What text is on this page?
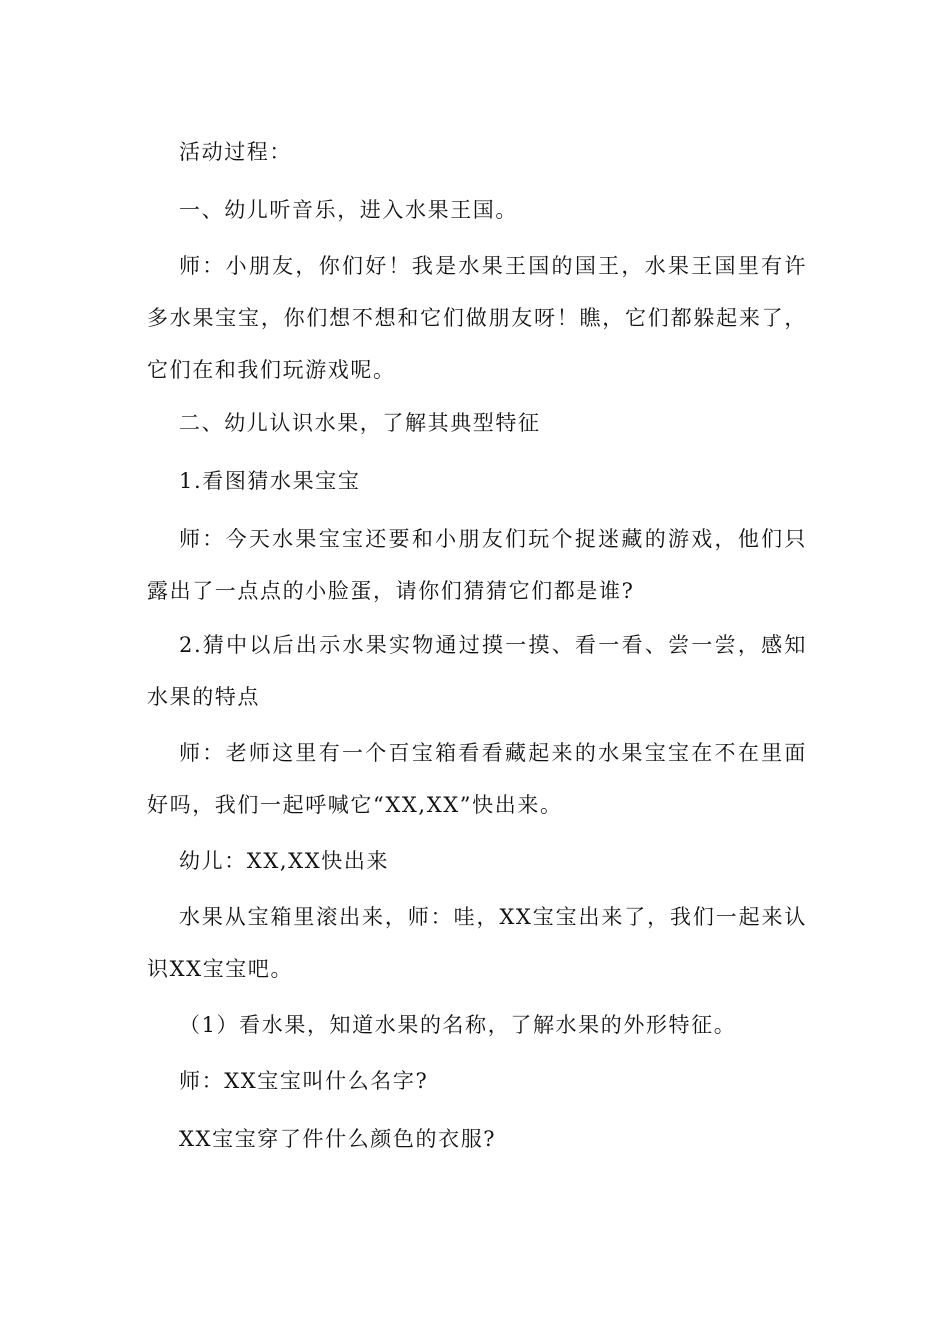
活动过程：

一、幼儿听音乐，进入水果王国。

师：小朋友，你们好！我是水果王国的国王，水果王国里有许多水果宝宝，你们想不想和它们做朋友呀！瞧，它们都躲起来了，它们在和我们玩游戏呢。

二、幼儿认识水果，了解其典型特征

1.看图猜水果宝宝

师：今天水果宝宝还要和小朋友们玩个捉迷藏的游戏，他们只露出了一点点的小脸蛋，请你们猜猜它们都是谁?

2.猜中以后出示水果实物通过摸一摸、看一看、尝一尝，感知水果的特点

师：老师这里有一个百宝箱看看藏起来的水果宝宝在不在里面好吗，我们一起呼喊它“XX,XX”快出来。

幼儿：XX,XX快出来

水果从宝箱里滚出来，师：哇，XX宝宝出来了，我们一起来认识XX宝宝吧。

（1）看水果，知道水果的名称，了解水果的外形特征。

师：XX宝宝叫什么名字?

XX宝宝穿了件什么颜色的衣服?
